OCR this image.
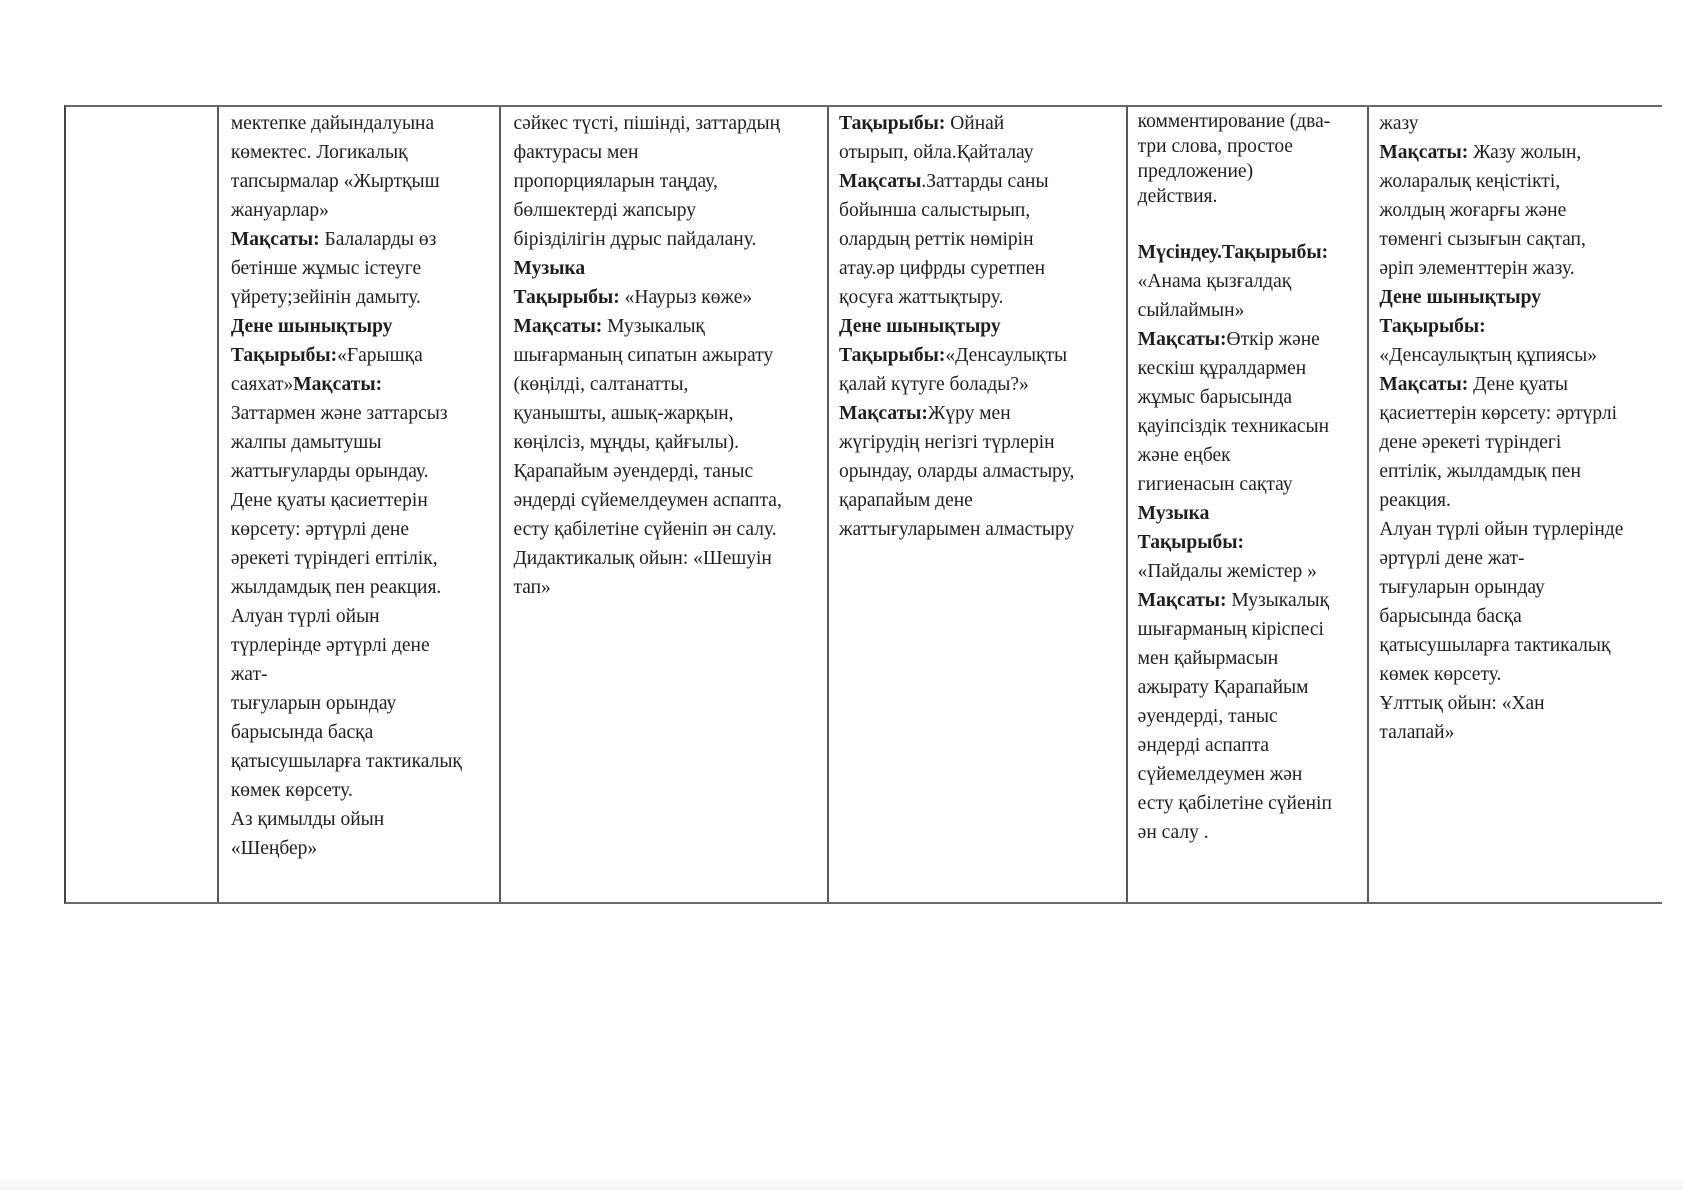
мектепке дайындалуына
көмектес. Логикалық
тапсырмалар «Жыртқыш
жануарлар»
Мақсаты: Балаларды өз
бетінше жұмыс істеуге
үйрету;зейінін дамыту.
Дене шынықтыру
Тақырыбы:«Ғарышқа
саяхат»Мақсаты:
Заттармен және заттарсыз
жалпы дамытушы
жаттығуларды орындау.
Дене қуаты қасиеттерін
көрсету: әртүрлі дене
әрекеті түріндегі ептілік,
жылдамдық пен реакция.
Алуан түрлі ойын
түрлерінде әртүрлі дене
жат-
тығуларын орындау
барысында басқа
қатысушыларға тактикалық
көмек көрсету.
Аз қимылды ойын
«Шеңбер»
сәйкес түсті, пішінді, заттардың
фактурасы мен
пропорцияларын таңдау,
бөлшектерді жапсыру
бірізділігін дұрыс пайдалану.
Музыка
Тақырыбы: «Наурыз көже»
Мақсаты: Музыкалық
шығарманың сипатын ажырату
(көңілді, салтанатты,
қуанышты, ашық-жарқын,
көңілсіз, мұңды, қайғылы).
Қарапайым әуендерді, таныс
әндерді сүйемелдеумен аспапта,
есту қабілетіне сүйеніп ән салу.
Дидактикалық ойын: «Шешуін
тап»
Тақырыбы: Ойнай
отырып, ойла.Қайталау
Мақсаты.Заттарды саны
бойынша салыстырып,
олардың реттік нөмірін
атау.әр цифрды суретпен
қосуға жаттықтыру.
Дене шынықтыру
Тақырыбы:«Денсаулықты
қалай күтуге болады?»
Мақсаты:Жүру мен
жүгірудің негізгі түрлерін
орындау, оларды алмастыру,
қарапайым дене
жаттығуларымен алмастыру
комментирование (два-
три слова, простое
предложение)
действия.
Мүсіндеу.Тақырыбы:
«Анама қызғалдақ
сыйлаймын»
Мақсаты:Өткір және
кескіш құралдармен
жұмыс барысында
қауіпсіздік техникасын
және еңбек
гигиенасын сақтау
Музыка
Тақырыбы:
«Пайдалы жемістер »
Мақсаты: Музыкалық
шығарманың кіріспесі
мен қайырмасын
ажырату Қарапайым
әуендерді, таныс
әндерді аспапта
сүйемелдеумен жән
есту қабілетіне сүйеніп
ән салу .
жазу
Мақсаты: Жазу жолын,
жоларалық кеңістікті,
жолдың жоғарғы және
төменгі сызығын сақтап,
әріп элементтерін жазу.
Дене шынықтыру
Тақырыбы:
«Денсаулықтың құпиясы»
Мақсаты: Дене қуаты
қасиеттерін көрсету: әртүрлі
дене әрекеті түріндегі
ептілік, жылдамдық пен
реакция.
Алуан түрлі ойын түрлерінде
әртүрлі дене жат-
тығуларын орындау
барысында басқа
қатысушыларға тактикалық
көмек көрсету.
Ұлттық ойын: «Хан
талапай»
